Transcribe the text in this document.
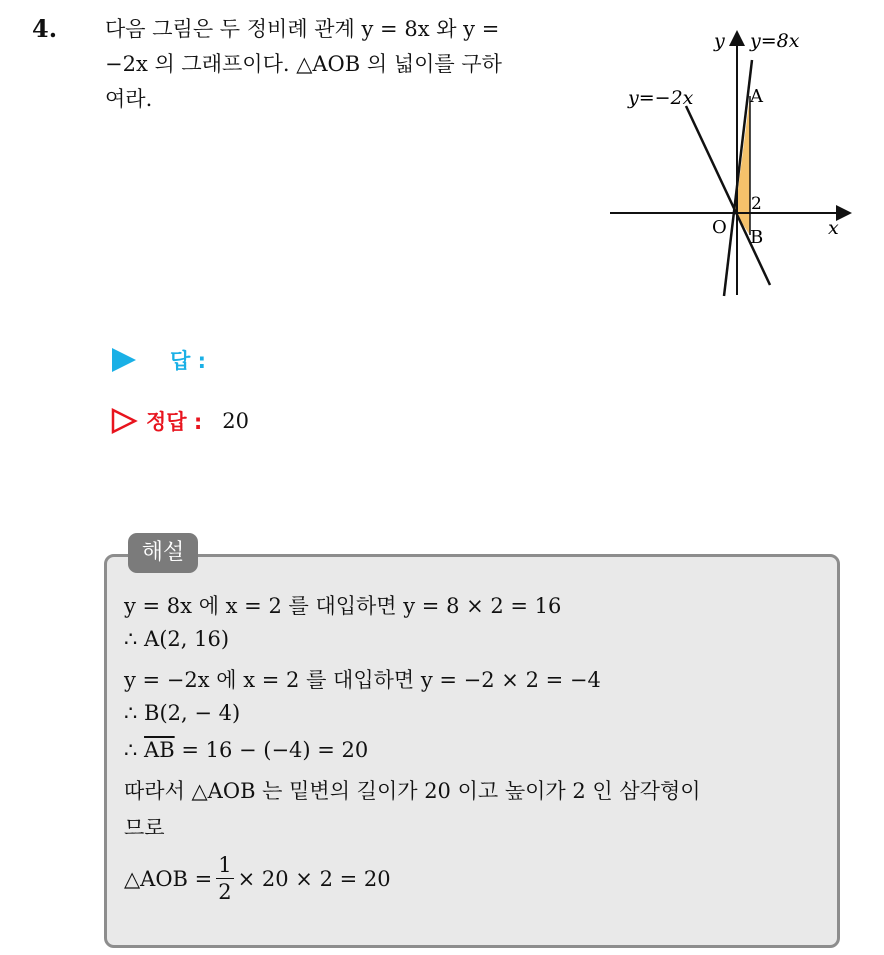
4. 다음 그림은 두 정비례 관계 y = 8x 와 y =
−2x 의 그래프이다. △AOB 의 넓이를 구하
여라.
y y=8x
y=−2x	A
2
O B	x
답 :
정답 : 20
해설
y = 8x 에 x = 2 를 대입하면 y = 8 × 2 = 16
∴ A(2, 16)
y = −2x 에 x = 2 를 대입하면 y = −2 × 2 = −4
∴ B(2, − 4)
∴ $\overline{AB} = 16 - (-4) = 20$
따라서 △AOB 는 밑변의 길이가 20 이고 높이가 2 인 삼각형이
므로
△AOB = $\frac{1}{2} \times 20 \times 2 = 20$
